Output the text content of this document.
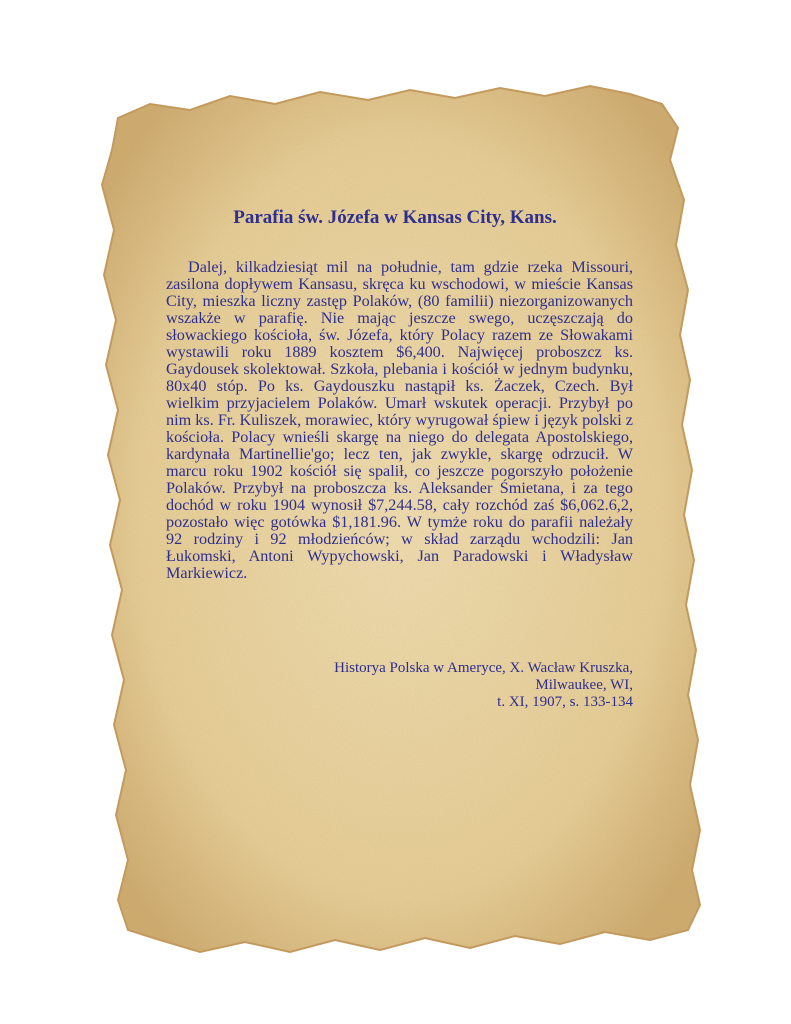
Parafia św. Józefa w Kansas City, Kans.

Dalej, kilkadziesiąt mil na południe, tam gdzie rzeka Missouri, zasilona dopływem Kansasu, skręca ku wschodowi, w mieście Kansas City, mieszka liczny zastęp Polaków, (80 familii) niezorganizowanych wszakże w parafię. Nie mając jeszcze swego, uczęszczają do słowackiego kościoła, św. Józefa, który Polacy razem ze Słowakami wystawili roku 1889 kosztem $6,400. Najwięcej proboszcz ks. Gaydousek skolektował. Szkoła, plebania i kościół w jednym budynku, 80x40 stóp. Po ks. Gaydouszku nastąpił ks. Żaczek, Czech. Był wielkim przyjacielem Polaków. Umarł wskutek operacji. Przybył po nim ks. Fr. Kuliszek, morawiec, który wyrugował śpiew i język polski z kościoła. Polacy wnieśli skargę na niego do delegata Apostolskiego, kardynała Martinellie'go; lecz ten, jak zwykle, skargę odrzucił. W marcu roku 1902 kościół się spalił, co jeszcze pogorszyło położenie Polaków. Przybył na proboszcza ks. Aleksander Śmietana, i za tego dochód w roku 1904 wynosił $7,244.58, cały rozchód zaś $6,062.6,2, pozostało więc gotówka $1,181.96. W tymże roku do parafii należały 92 rodziny i 92 młodzieńców; w skład zarządu wchodzili: Jan Łukomski, Antoni Wypychowski, Jan Paradowski i Władysław Markiewicz.

Historya Polska w Ameryce, X. Wacław Kruszka, Milwaukee, WI,
t. XI, 1907, s. 133-134
